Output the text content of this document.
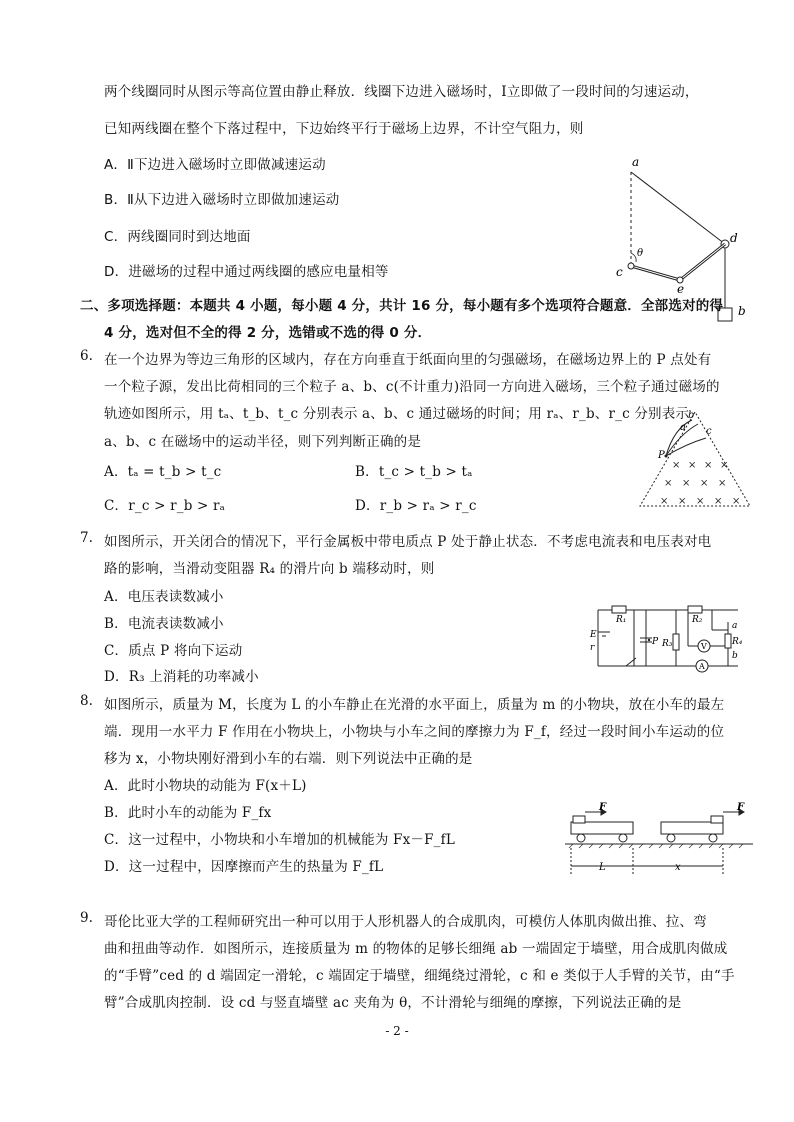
两个线圈同时从图示等高位置由静止释放．线圈下边进入磁场时，Ⅰ立即做了一段时间的匀速运动，
已知两线圈在整个下落过程中，下边始终平行于磁场上边界，不计空气阻力，则
A．Ⅱ下边进入磁场时立即做减速运动
B．Ⅱ从下边进入磁场时立即做加速运动
C．两线圈同时到达地面
D．进磁场的过程中通过两线圈的感应电量相等
a
d
c
e
b
θ
二、多项选择题：本题共 4 小题，每小题 4 分，共计 16 分，每小题有多个选项符合题意．全部选对的得
4 分，选对但不全的得 2 分，选错或不选的得 0 分．
6. 在一个边界为等边三角形的区域内，存在方向垂直于纸面向里的匀强磁场，在磁场边界上的 P 点处有
一个粒子源，发出比荷相同的三个粒子 a、b、c(不计重力)沿同一方向进入磁场，三个粒子通过磁场的
轨迹如图所示，用 tₐ、t_b、t_c 分别表示 a、b、c 通过磁场的时间；用 rₐ、r_b、r_c 分别表示
a、b、c 在磁场中的运动半径，则下列判断正确的是
A．tₐ = t_b > t_c	B．t_c > t_b > tₐ
C．r_c > r_b > rₐ	D．r_b > rₐ > r_c
× × × ×
× × × ×
× × × × ×
P
a
b
c
7. 如图所示，开关闭合的情况下，平行金属板中带电质点 P 处于静止状态．不考虑电流表和电压表对电
路的影响，当滑动变阻器 R₄ 的滑片向 b 端移动时，则
A．电压表读数减小
B．电流表读数减小
C．质点 P 将向下运动
D．R₃ 上消耗的功率减小
E
r
R₁
P R₃
R₂
R₄
V
A
a
b
8. 如图所示，质量为 M，长度为 L 的小车静止在光滑的水平面上，质量为 m 的小物块，放在小车的最左
端．现用一水平力 F 作用在小物块上，小物块与小车之间的摩擦力为 F_f，经过一段时间小车运动的位
移为 x，小物块刚好滑到小车的右端．则下列说法中正确的是
A．此时小物块的动能为 F(x＋L)
B．此时小车的动能为 F_fx
C．这一过程中，小物块和小车增加的机械能为 Fx－F_fL
D．这一过程中，因摩擦而产生的热量为 F_fL
F	F
L	x
9. 哥伦比亚大学的工程师研究出一种可以用于人形机器人的合成肌肉，可模仿人体肌肉做出推、拉、弯
曲和扭曲等动作．如图所示，连接质量为 m 的物体的足够长细绳 ab 一端固定于墙壁，用合成肌肉做成
的“手臂”ced 的 d 端固定一滑轮，c 端固定于墙壁，细绳绕过滑轮，c 和 e 类似于人手臂的关节，由“手
臂”合成肌肉控制．设 cd 与竖直墙壁 ac 夹角为 θ，不计滑轮与细绳的摩擦，下列说法正确的是
- 2 -
